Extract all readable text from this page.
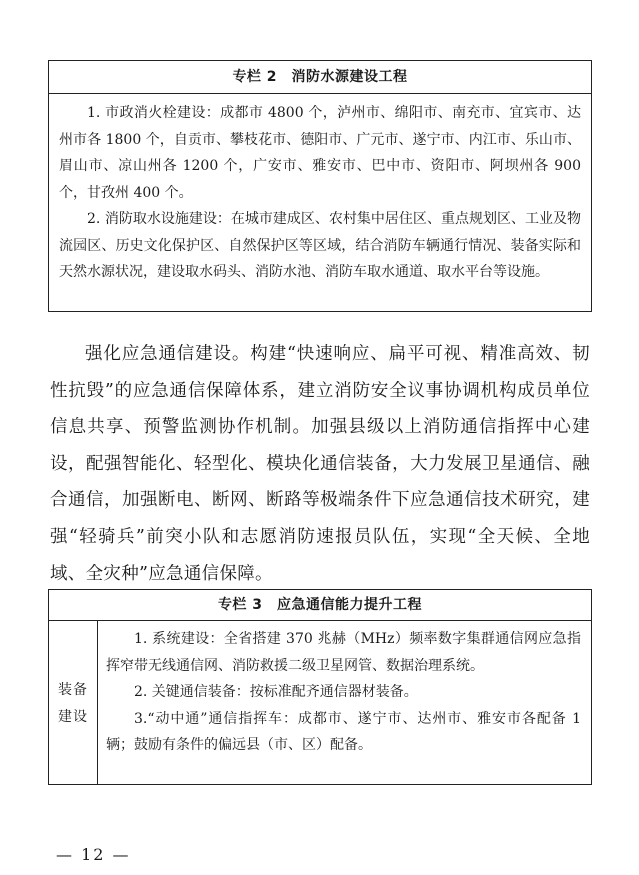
专栏 2　消防水源建设工程

1. 市政消火栓建设：成都市 4800 个，泸州市、绵阳市、南充市、宜宾市、达州市各 1800 个，自贡市、攀枝花市、德阳市、广元市、遂宁市、内江市、乐山市、眉山市、凉山州各 1200 个，广安市、雅安市、巴中市、资阳市、阿坝州各 900 个，甘孜州 400 个。

2. 消防取水设施建设：在城市建成区、农村集中居住区、重点规划区、工业及物流园区、历史文化保护区、自然保护区等区域，结合消防车辆通行情况、装备实际和天然水源状况，建设取水码头、消防水池、消防车取水通道、取水平台等设施。

强化应急通信建设。构建“快速响应、扁平可视、精准高效、韧性抗毁”的应急通信保障体系，建立消防安全议事协调机构成员单位信息共享、预警监测协作机制。加强县级以上消防通信指挥中心建设，配强智能化、轻型化、模块化通信装备，大力发展卫星通信、融合通信，加强断电、断网、断路等极端条件下应急通信技术研究，建强“轻骑兵”前突小队和志愿消防速报员队伍，实现“全天候、全地域、全灾种”应急通信保障。

专栏 3　应急通信能力提升工程
装备建设

1. 系统建设：全省搭建 370 兆赫（MHz）频率数字集群通信网应急指挥窄带无线通信网、消防救援二级卫星网管、数据治理系统。

2. 关键通信装备：按标准配齐通信器材装备。

3.“动中通”通信指挥车：成都市、遂宁市、达州市、雅安市各配备 1 辆；鼓励有条件的偏远县（市、区）配备。

— 12 —
